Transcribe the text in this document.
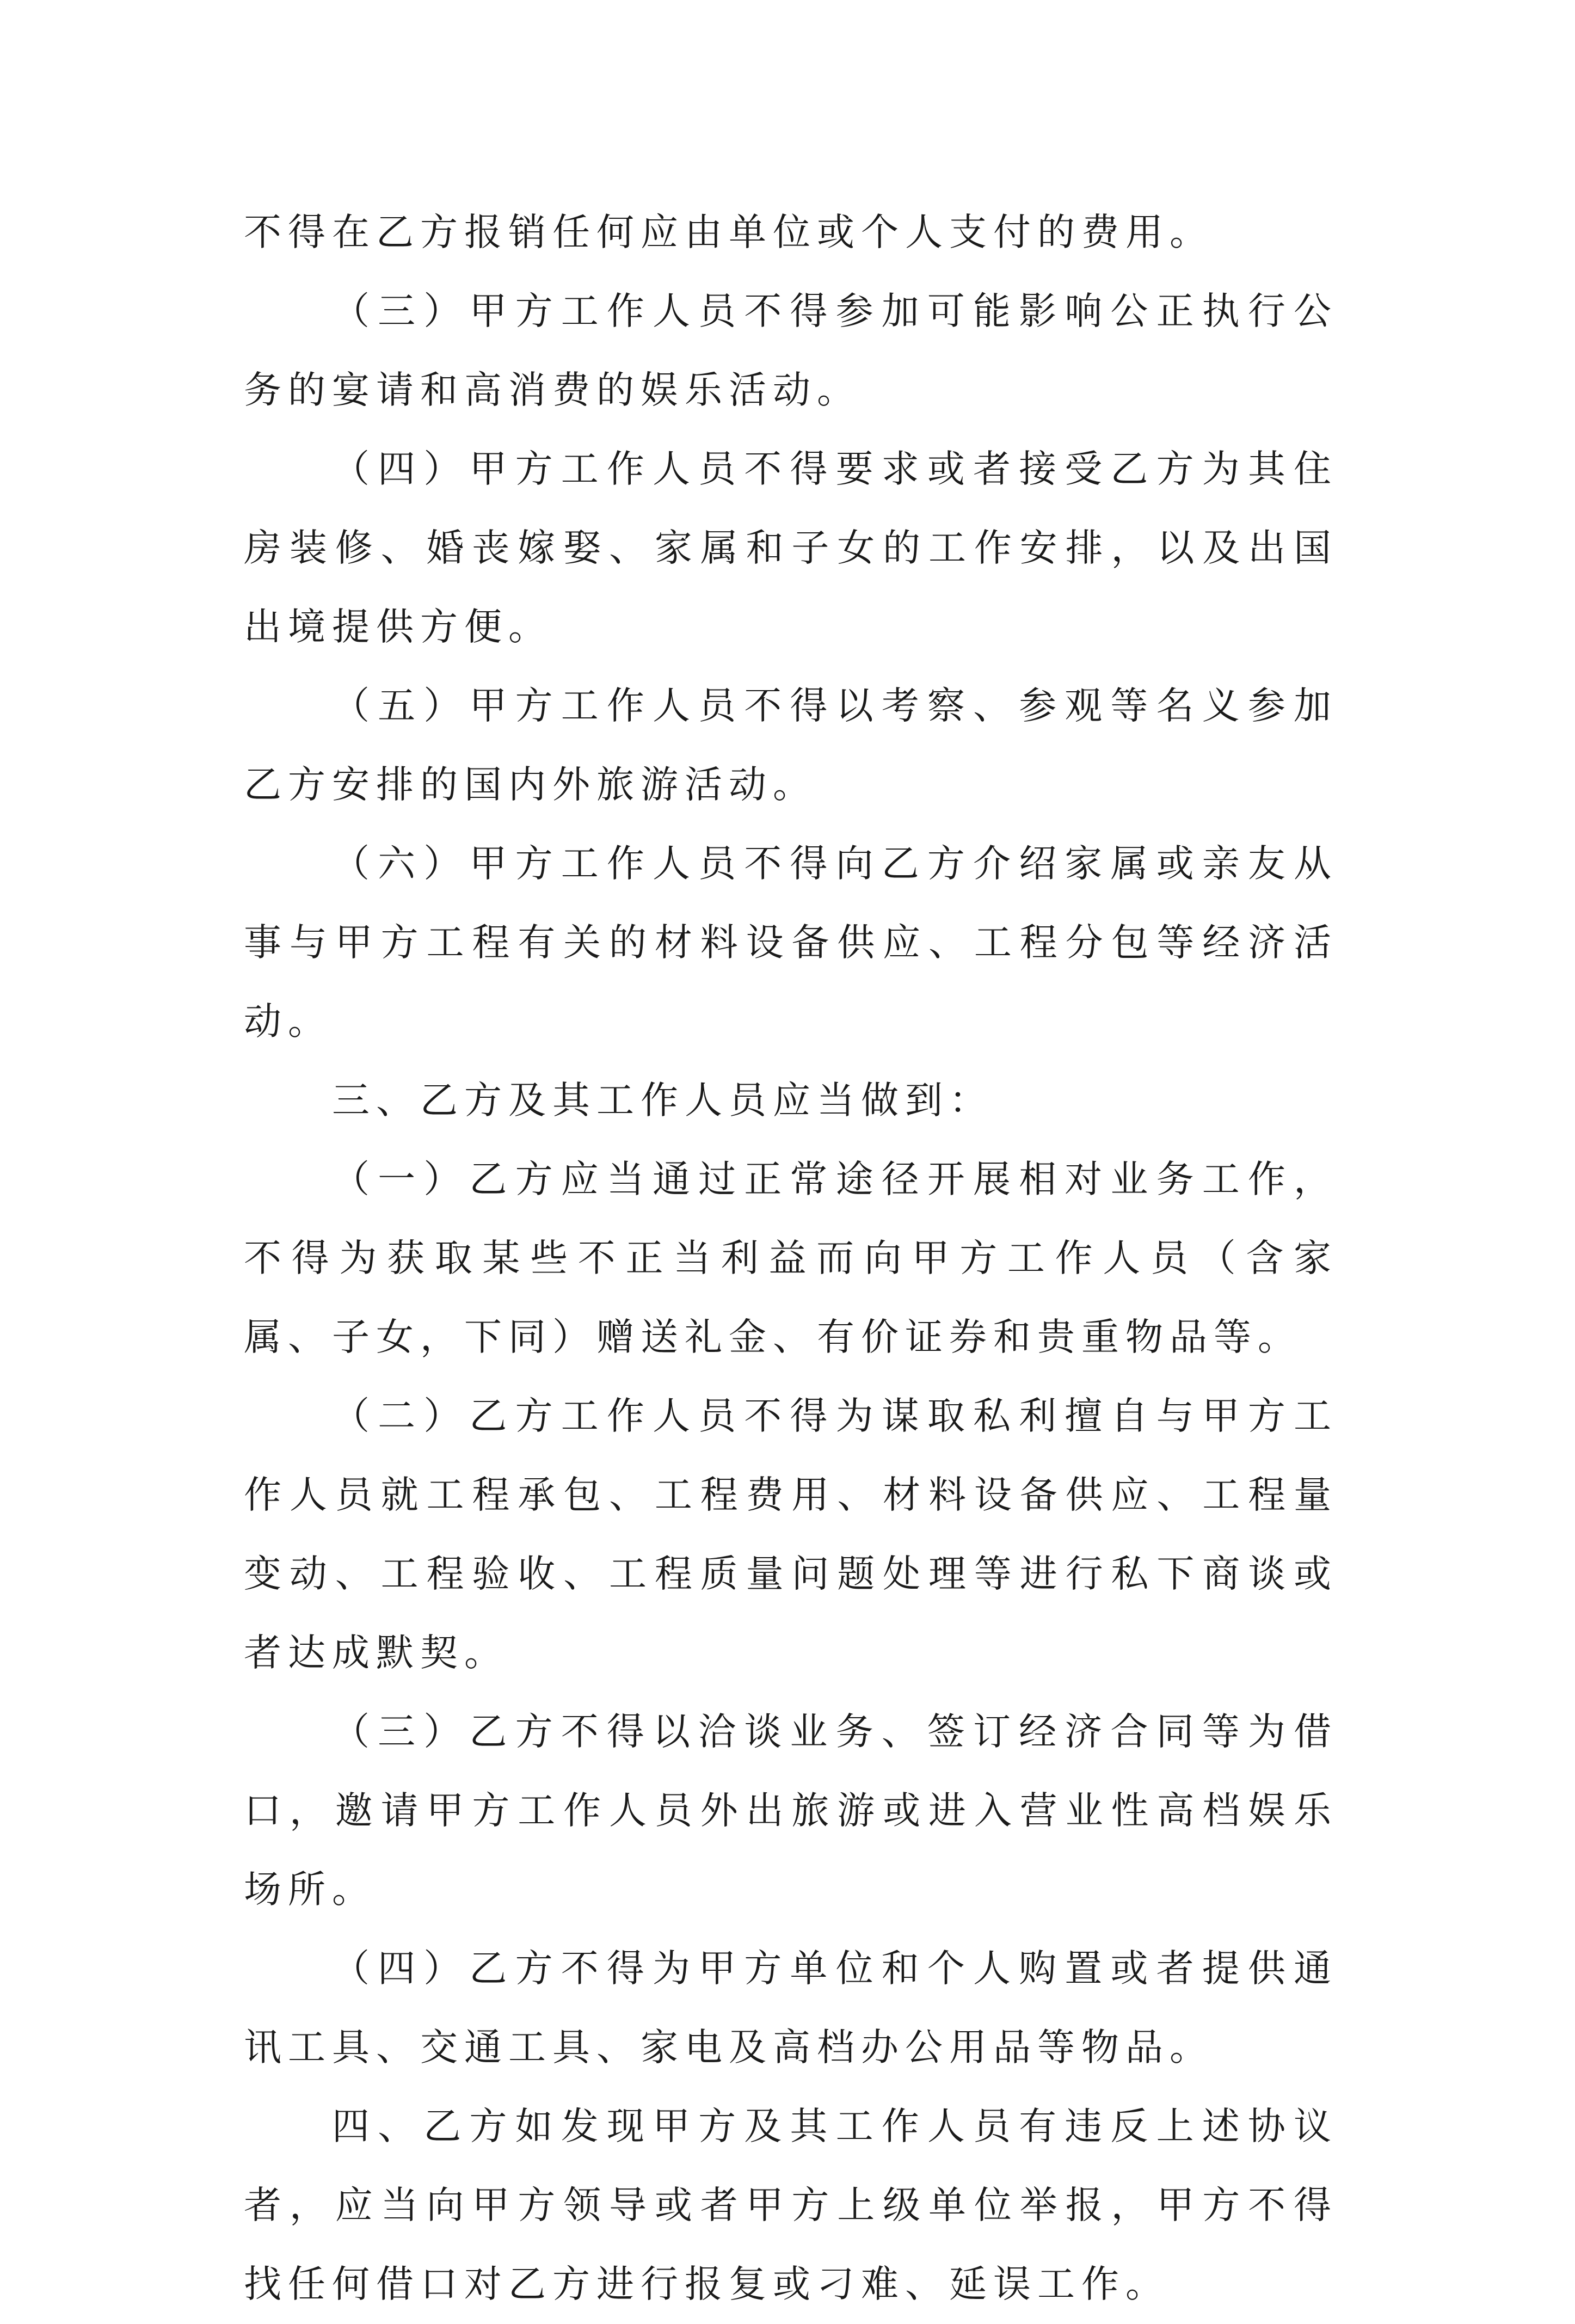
不得在乙方报销任何应由单位或个人支付的费用。

（三）甲方工作人员不得参加可能影响公正执行公务的宴请和高消费的娱乐活动。

（四）甲方工作人员不得要求或者接受乙方为其住房装修、婚丧嫁娶、家属和子女的工作安排，以及出国出境提供方便。

（五）甲方工作人员不得以考察、参观等名义参加乙方安排的国内外旅游活动。

（六）甲方工作人员不得向乙方介绍家属或亲友从事与甲方工程有关的材料设备供应、工程分包等经济活动。

三、乙方及其工作人员应当做到：

（一）乙方应当通过正常途径开展相对业务工作，不得为获取某些不正当利益而向甲方工作人员（含家属、子女，下同）赠送礼金、有价证券和贵重物品等。

（二）乙方工作人员不得为谋取私利擅自与甲方工作人员就工程承包、工程费用、材料设备供应、工程量变动、工程验收、工程质量问题处理等进行私下商谈或者达成默契。

（三）乙方不得以洽谈业务、签订经济合同等为借口，邀请甲方工作人员外出旅游或进入营业性高档娱乐场所。

（四）乙方不得为甲方单位和个人购置或者提供通讯工具、交通工具、家电及高档办公用品等物品。

四、乙方如发现甲方及其工作人员有违反上述协议者，应当向甲方领导或者甲方上级单位举报，甲方不得找任何借口对乙方进行报复或刁难、延误工作。
